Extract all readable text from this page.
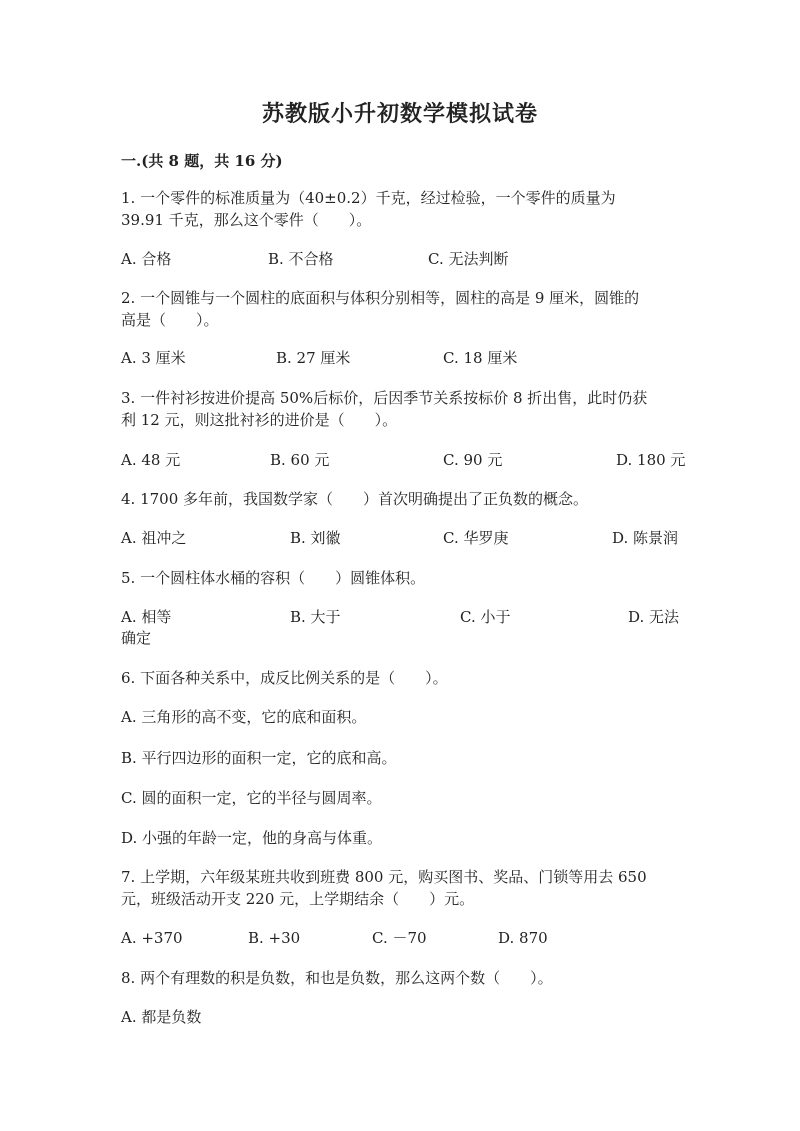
苏教版小升初数学模拟试卷
一.(共 8 题，共 16 分)
1. 一个零件的标准质量为（40±0.2）千克，经过检验，一个零件的质量为
39.91 千克，那么这个零件（　　）。
A. 合格	B. 不合格	C. 无法判断
2. 一个圆锥与一个圆柱的底面积与体积分别相等，圆柱的高是 9 厘米，圆锥的
高是（　　）。
A. 3 厘米	B. 27 厘米	C. 18 厘米
3. 一件衬衫按进价提高 50%后标价，后因季节关系按标价 8 折出售，此时仍获
利 12 元，则这批衬衫的进价是（　　）。
A. 48 元	B. 60 元	C. 90 元	D. 180 元
4. 1700 多年前，我国数学家（　　）首次明确提出了正负数的概念。
A. 祖冲之	B. 刘徽	C. 华罗庚	D. 陈景润
5. 一个圆柱体水桶的容积（　　）圆锥体积。
A. 相等	B. 大于	C. 小于	D. 无法
确定
6. 下面各种关系中，成反比例关系的是（　　）。
A. 三角形的高不变，它的底和面积。
B. 平行四边形的面积一定，它的底和高。
C. 圆的面积一定，它的半径与圆周率。
D. 小强的年龄一定，他的身高与体重。
7. 上学期，六年级某班共收到班费 800 元，购买图书、奖品、门锁等用去 650
元，班级活动开支 220 元，上学期结余（　　）元。
A. +370	B. +30	C. －70	D. 870
8. 两个有理数的积是负数，和也是负数，那么这两个数（　　）。
A. 都是负数
